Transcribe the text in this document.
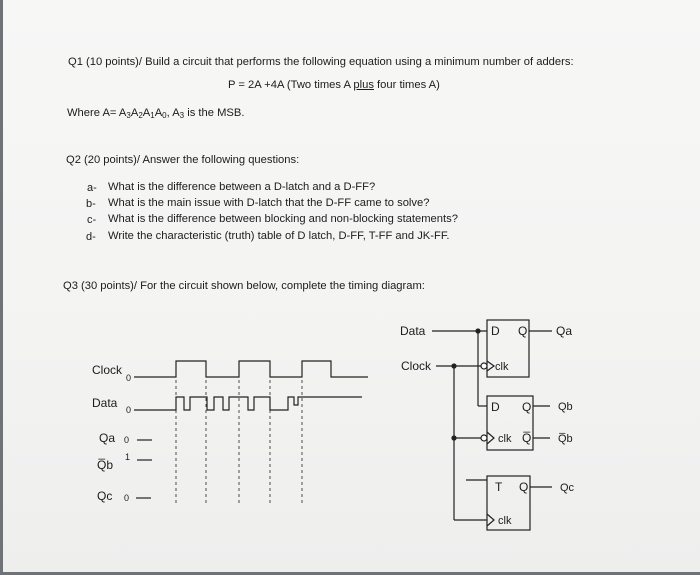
Q1 (10 points)/ Build a circuit that performs the following equation using a minimum number of adders:
P = 2A +4A (Two times A plus four times A)
Where $A= A_3A_2A_1A_0$, $A_3$ is the MSB.
Q2 (20 points)/ Answer the following questions:
a- What is the difference between a D-latch and a D-FF?
b- What is the main issue with D-latch that the D-FF came to solve?
c- What is the difference between blocking and non-blocking statements?
d- Write the characteristic (truth) table of D latch, D-FF, T-FF and JK-FF.
Q3 (30 points)/ For the circuit shown below, complete the timing diagram:
Clock
0
Data 0
Qa 0
Q̅b
1
Qc 0
Data
Clock
D Q
clk
Qa
D Q
Q̅
clk
Qb
Q̅b
T Q
clk
Qc
